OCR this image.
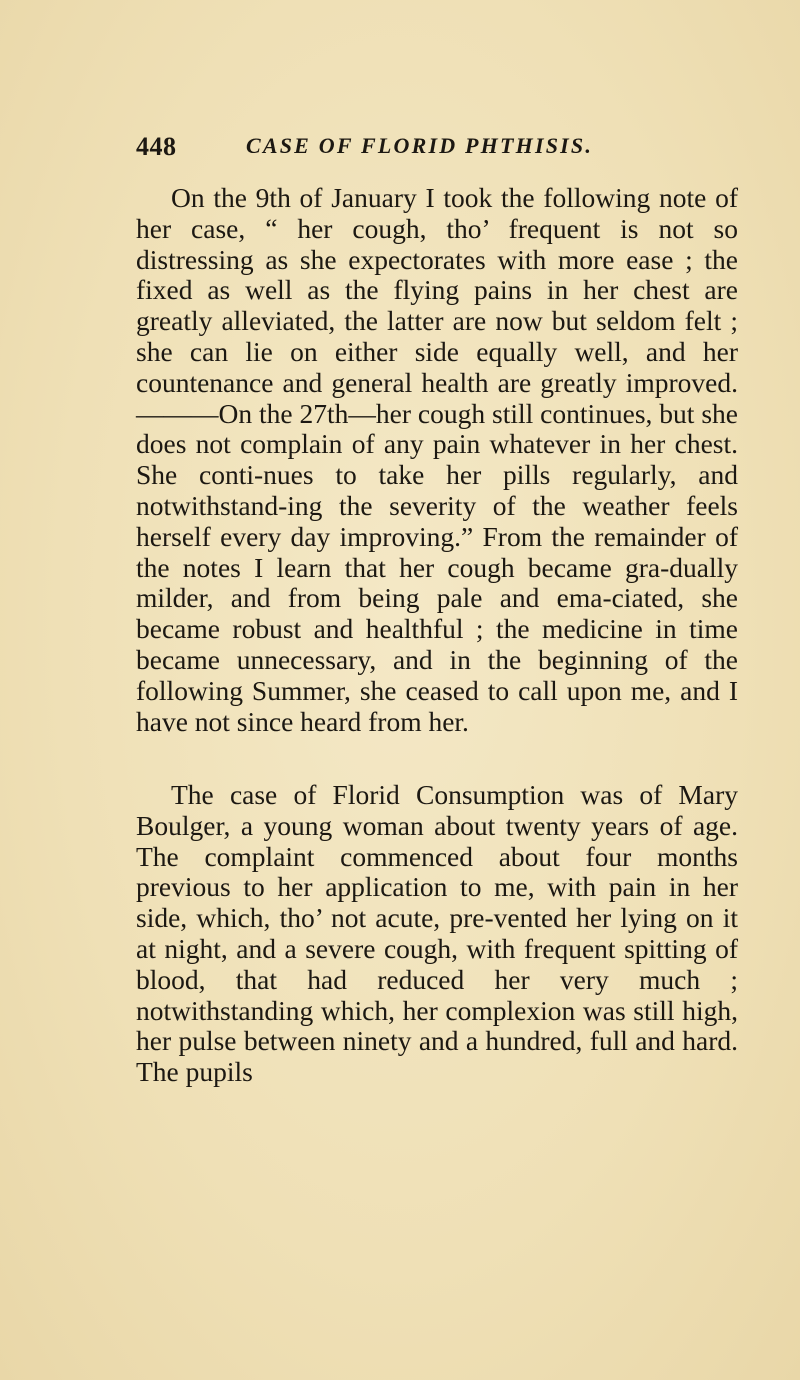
448	CASE OF FLORID PHTHISIS.

On the 9th of January I took the following note of her case, “ her cough, tho’ frequent is not so distressing as she expectorates with more ease ; the fixed as well as the flying pains in her chest are greatly alleviated, the latter are now but seldom felt ; she can lie on either side equally well, and her countenance and general health are greatly improved.———On the 27th—her cough still continues, but she does not complain of any pain whatever in her chest. She conti-nues to take her pills regularly, and notwithstand-ing the severity of the weather feels herself every day improving.” From the remainder of the notes I learn that her cough became gra-dually milder, and from being pale and ema-ciated, she became robust and healthful ; the medicine in time became unnecessary, and in the beginning of the following Summer, she ceased to call upon me, and I have not since heard from her.

The case of Florid Consumption was of Mary Boulger, a young woman about twenty years of age. The complaint commenced about four months previous to her application to me, with pain in her side, which, tho’ not acute, pre-vented her lying on it at night, and a severe cough, with frequent spitting of blood, that had reduced her very much ; notwithstanding which, her complexion was still high, her pulse between ninety and a hundred, full and hard. The pupils
